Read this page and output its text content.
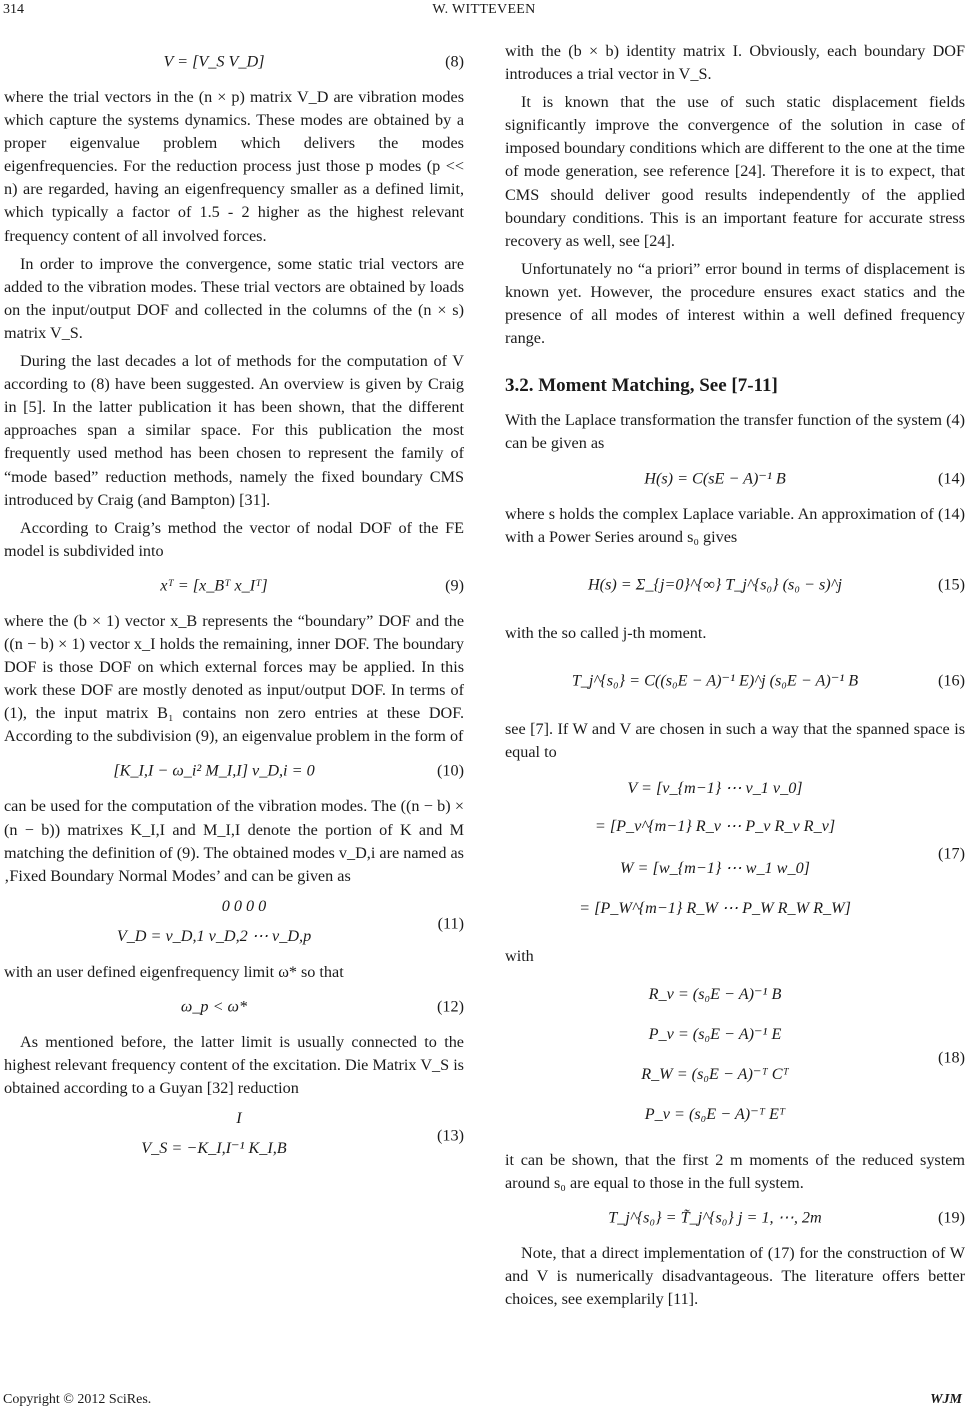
314	W. WITTEVEEN
V = [V_S V_D]	(8)

where the trial vectors in the (n × p) matrix V_D are vibration modes which capture the systems dynamics. These modes are obtained by a proper eigenvalue problem which delivers the modes eigenfrequencies. For the reduction process just those p modes (p << n) are regarded, having an eigenfrequency smaller as a defined limit, which typically a factor of 1.5 - 2 higher as the highest relevant frequency content of all involved forces.

In order to improve the convergence, some static trial vectors are added to the vibration modes. These trial vectors are obtained by loads on the input/output DOF and collected in the columns of the (n × s) matrix V_S.

During the last decades a lot of methods for the computation of V according to (8) have been suggested. An overview is given by Craig in [5]. In the latter publication it has been shown, that the different approaches span a similar space. For this publication the most frequently used method has been chosen to represent the family of “mode based” reduction methods, namely the fixed boundary CMS introduced by Craig (and Bampton) [31].

According to Craig’s method the vector of nodal DOF of the FE model is subdivided into

xᵀ = [x_Bᵀ x_Iᵀ]	(9)

where the (b × 1) vector x_B represents the “boundary” DOF and the ((n − b) × 1) vector x_I holds the remaining, inner DOF. The boundary DOF is those DOF on which external forces may be applied. In this work these DOF are mostly denoted as input/output DOF. In terms of (1), the input matrix B₁ contains non zero entries at these DOF. According to the subdivision (9), an eigenvalue problem in the form of

[K_I,I − ω_i² M_I,I] v_D,i = 0	(10)

can be used for the computation of the vibration modes. The ((n − b) × (n − b)) matrixes K_I,I and M_I,I denote the portion of K and M matching the definition of (9). The obtained modes v_D,i are named as ‚Fixed Boundary Normal Modes’ and can be given as

0 0 0 0
V_D = v_D,1 v_D,2 ⋯ v_D,p
(11)

with an user defined eigenfrequency limit ω* so that

ω_p < ω*	(12)

As mentioned before, the latter limit is usually connected to the highest relevant frequency content of the excitation. Die Matrix V_S is obtained according to a Guyan [32] reduction

I
V_S = −K_I,I⁻¹ K_I,B
(13)

with the (b × b) identity matrix I. Obviously, each boundary DOF introduces a trial vector in V_S.

It is known that the use of such static displacement fields significantly improve the convergence of the solution in case of imposed boundary conditions which are different to the one at the time of mode generation, see reference [24]. Therefore it is to expect, that CMS should deliver good results independently of the applied boundary conditions. This is an important feature for accurate stress recovery as well, see [24].

Unfortunately no “a priori” error bound in terms of displacement is known yet. However, the procedure ensures exact statics and the presence of all modes of interest within a well defined frequency range.

3.2. Moment Matching, See [7-11]

With the Laplace transformation the transfer function of the system (4) can be given as

H(s) = C(sE − A)⁻¹ B	(14)

where s holds the complex Laplace variable. An approximation of (14) with a Power Series around s₀ gives

H(s) = Σ_{j=0}^{∞} T_j^{s₀} (s₀ − s)^j	(15)

with the so called j-th moment.

T_j^{s₀} = C((s₀E − A)⁻¹ E)^j (s₀E − A)⁻¹ B	(16)

see [7]. If W and V are chosen in such a way that the spanned space is equal to

V = [v_{m−1} ⋯ v_1 v_0]
= [P_v^{m−1} R_v ⋯ P_v R_v R_v]
W = [w_{m−1} ⋯ w_1 w_0]
= [P_W^{m−1} R_W ⋯ P_W R_W R_W]
(17)

with

R_v = (s₀E − A)⁻¹ B
P_v = (s₀E − A)⁻¹ E
R_W = (s₀E − A)⁻ᵀ Cᵀ
P_v = (s₀E − A)⁻ᵀ Eᵀ
(18)

it can be shown, that the first 2 m moments of the reduced system around s₀ are equal to those in the full system.

T_j^{s₀} = T̃_j^{s₀} j = 1, ⋯, 2m	(19)

Note, that a direct implementation of (17) for the construction of W and V is numerically disadvantageous. The literature offers better choices, see exemplarily [11].

Copyright © 2012 SciRes.	WJM
